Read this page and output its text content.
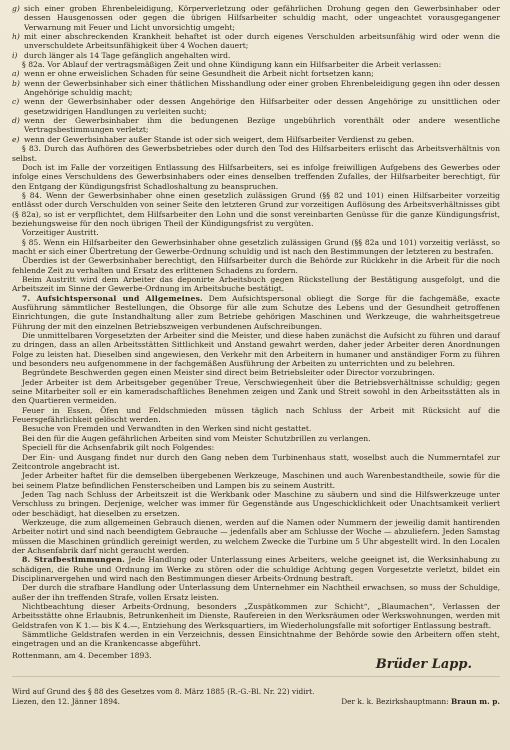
g) sich einer groben Ehrenbeleidigung, Körperverletzung oder gefährlichen Drohung gegen den Gewerbsinhaber oder dessen Hausgenossen oder gegen die übrigen Hilfsarbeiter schuldig macht, oder ungeachtet vorausgegangener Verwarnung mit Feuer und Licht unvorsichtig umgeht;
h) mit einer abschreckenden Krankheit behaftet ist oder durch eigenes Verschulden arbeitsunfähig wird oder wenn die unverschuldete Arbeitsunfähigkeit über 4 Wochen dauert;
i) durch länger als 14 Tage gefänglich angehalten wird.

§ 82a. Vor Ablauf der vertragsmäßigen Zeit und ohne Kündigung kann ein Hilfsarbeiter die Arbeit verlassen:

a) wenn er ohne erweislichen Schaden für seine Gesundheit die Arbeit nicht fortsetzen kann;
b) wenn der Gewerbsinhaber sich einer thätlichen Misshandlung oder einer groben Ehrenbeleidigung gegen ihn oder dessen Angehörige schuldig macht;
c) wenn der Gewerbsinhaber oder dessen Angehörige den Hilfsarbeiter oder dessen Angehörige zu unsittlichen oder gesetzwidrigen Handlungen zu verleiten sucht;
d) wenn der Gewerbsinhaber ihm die bedungenen Bezüge ungebührlich vorenthält oder andere wesentliche Vertragsbestimmungen verletzt;
e) wenn der Gewerbsinhaber außer Stande ist oder sich weigert, dem Hilfsarbeiter Verdienst zu geben.

§ 83. Durch das Aufhören des Gewerbsbetriebes oder durch den Tod des Hilfsarbeiters erlischt das Arbeitsverhältnis von selbst.

Doch ist im Falle der vorzeitigen Entlassung des Hilfsarbeiters, sei es infolge freiwilligen Aufgebens des Gewerbes oder infolge eines Verschuldens des Gewerbsinhabers oder eines denselben treffenden Zufalles, der Hilfsarbeiter berechtigt, für den Entgang der Kündigungsfrist Schadloshaltung zu beanspruchen.

§ 84. Wenn der Gewerbsinhaber ohne einen gesetzlich zulässigen Grund (§§ 82 und 101) einen Hilfsarbeiter vorzeitig entlässt oder durch Verschulden von seiner Seite den letzteren Grund zur vorzeitigen Auflösung des Arbeitsverhältnisses gibt (§ 82a), so ist er verpflichtet, dem Hilfsarbeiter den Lohn und die sonst vereinbarten Genüsse für die ganze Kündigungsfrist, beziehungsweise für den noch übrigen Theil der Kündigungsfrist zu vergüten.

Vorzeitiger Austritt.

§ 85. Wenn ein Hilfsarbeiter den Gewerbsinhaber ohne gesetzlich zulässigen Grund (§§ 82a und 101) vorzeitig verlässt, so macht er sich einer Übertretung der Gewerbe-Ordnung schuldig und ist nach den Bestimmungen der letzteren zu bestrafen.

Überdies ist der Gewerbsinhaber berechtigt, den Hilfsarbeiter durch die Behörde zur Rückkehr in die Arbeit für die noch fehlende Zeit zu verhalten und Ersatz des erlittenen Schadens zu fordern.

Beim Austritt wird dem Arbeiter das deponirte Arbeitsbuch gegen Rückstellung der Bestätigung ausgefolgt, und die Arbeitszeit im Sinne der Gewerbe-Ordnung im Arbeitsbuche bestätigt.

7. Aufsichtspersonal und Allgemeines. Dem Aufsichtspersonal obliegt die Sorge für die fachgemäße, exacte Ausführung sämmtlicher Bestellungen, die Obsorge für alle zum Schutze des Lebens und der Gesundheit getroffenen Einrichtungen, die gute Instandhaltung aller zum Betriebe gehörigen Maschinen und Werkzeuge, die wahrheitsgetreue Führung der mit den einzelnen Betriebszweigen verbundenen Aufschreibungen.

Die unmittelbaren Vorgesetzten der Arbeiter sind die Meister, und diese haben zunächst die Aufsicht zu führen und darauf zu dringen, dass an allen Arbeitsstätten Sittlichkeit und Anstand gewahrt werden, daher jeder Arbeiter deren Anordnungen Folge zu leisten hat. Dieselben sind angewiesen, den Verkehr mit den Arbeitern in humaner und anständiger Form zu führen und besonders neu aufgenommene in der fachgemäßen Ausführung der Arbeiten zu unterrichten und zu belehren.

Begründete Beschwerden gegen einen Meister sind direct beim Betriebsleiter oder Director vorzubringen.

Jeder Arbeiter ist dem Arbeitsgeber gegenüber Treue, Verschwiegenheit über die Betriebsverhältnisse schuldig; gegen seine Mitarbeiter soll er ein kameradschaftliches Benehmen zeigen und Zank und Streit sowohl in den Arbeitsstätten als in den Quartieren vermeiden.

Feuer in Essen, Öfen und Feldschmieden müssen täglich nach Schluss der Arbeit mit Rücksicht auf die Feuersgefährlichkeit gelöscht werden.

Besuche von Fremden und Verwandten in den Werken sind nicht gestattet.

Bei den für die Augen gefährlichen Arbeiten sind vom Meister Schutzbrillen zu verlangen.

Speciell für die Achsenfabrik gilt noch Folgendes:

Der Ein- und Ausgang findet nur durch den Gang neben dem Turbinenhaus statt, woselbst auch die Nummerntafel zur Zeitcontrole angebracht ist.

Jeder Arbeiter haftet für die demselben übergebenen Werkzeuge, Maschinen und auch Warenbestandtheile, sowie für die bei seinem Platze befindlichen Fensterscheiben und Lampen bis zu seinem Austritt.

Jeden Tag nach Schluss der Arbeitszeit ist die Werkbank oder Maschine zu säubern und sind die Hilfswerkzeuge unter Verschluss zu bringen. Derjenige, welcher was immer für Gegenstände aus Ungeschicklichkeit oder Unachtsamkeit verliert oder beschädigt, hat dieselben zu ersetzen.

Werkzeuge, die zum allgemeinen Gebrauch dienen, werden auf die Namen oder Nummern der jeweilig damit hantirenden Arbeiter notirt und sind nach beendigtem Gebrauche — jedenfalls aber am Schlusse der Woche — abzuliefern. Jeden Samstag müssen die Maschinen gründlich gereinigt werden, zu welchem Zwecke die Turbine um 5 Uhr abgestellt wird. In den Localen der Achsenfabrik darf nicht geraucht werden.

8. Strafbestimmungen. Jede Handlung oder Unterlassung eines Arbeiters, welche geeignet ist, die Werksinhabung zu schädigen, die Ruhe und Ordnung im Werke zu stören oder die schuldige Achtung gegen Vorgesetzte verletzt, bildet ein Disciplinarvergehen und wird nach den Bestimmungen dieser Arbeits-Ordnung bestraft.

Der durch die strafbare Handlung oder Unterlassung dem Unternehmer ein Nachtheil erwachsen, so muss der Schuldige, außer der ihn treffenden Strafe, vollen Ersatz leisten.

Nichtbeachtung dieser Arbeits-Ordnung, besonders „Zuspätkommen zur Schicht“, „Blaumachen“, Verlassen der Arbeitsstätte ohne Erlaubnis, Betrunkenheit im Dienste, Raufereien in den Werksräumen oder Werkswohnungen, werden mit Geldstrafen von K 1.— bis K 4.—, Entziehung des Werksquartiers, im Wiederholungsfalle mit sofortiger Entlassung bestraft.

Sämmtliche Geldstrafen werden in ein Verzeichnis, dessen Einsichtnahme der Behörde sowie den Arbeitern offen steht, eingetragen und an die Krankencasse abgeführt.

Rottenmann, am 4. December 1893.
Brüder Lapp.
Wird auf Grund des § 88 des Gesetzes vom 8. März 1885 (R.-G.-Bl. Nr. 22) vidirt.
Liezen, den 12. Jänner 1894.	Der k. k. Bezirkshauptmann: Braun m. p.
